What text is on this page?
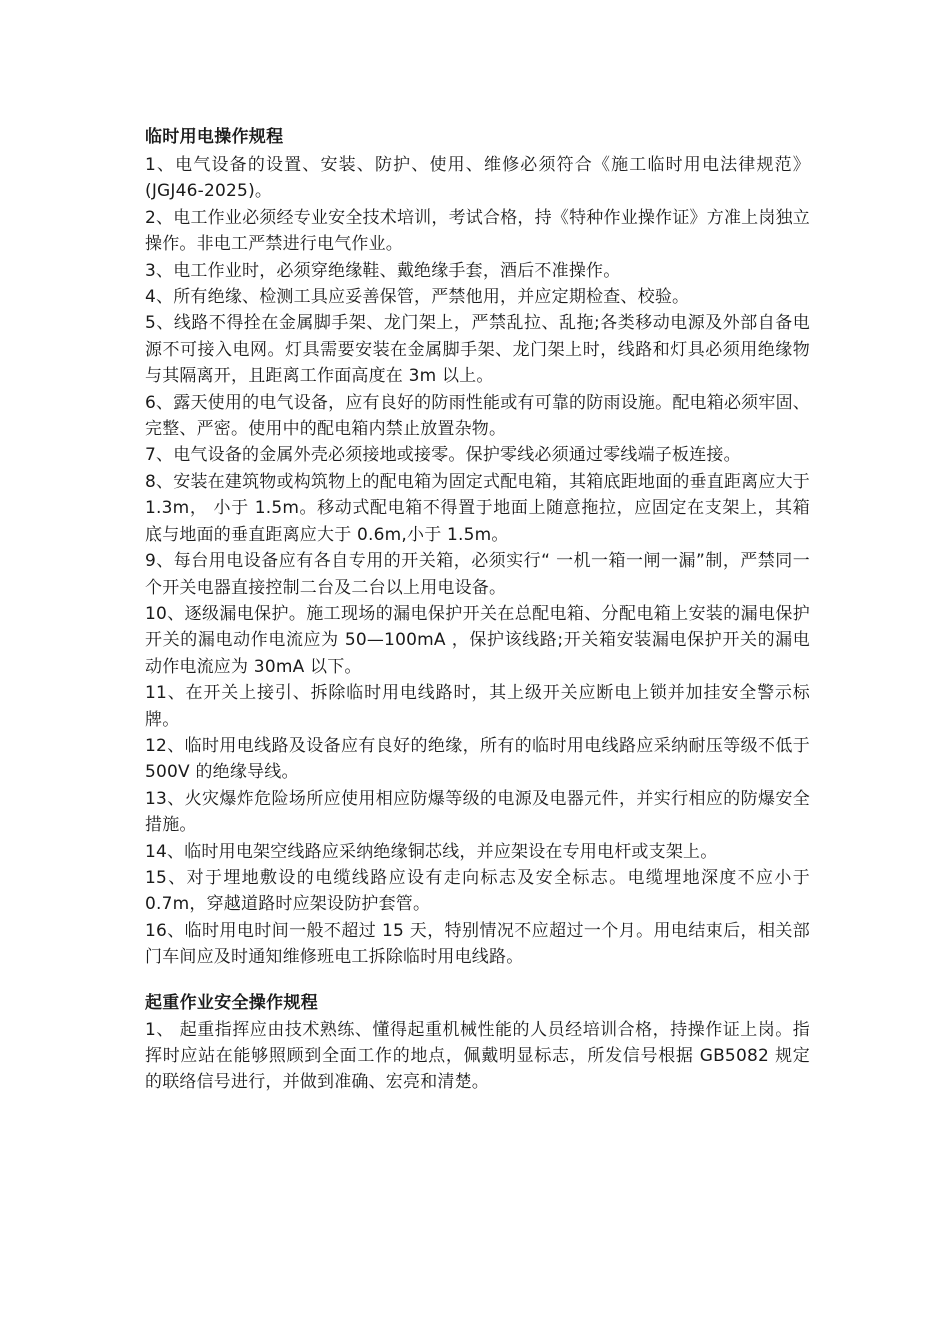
临时用电操作规程

1、电气设备的设置、安装、防护、使用、维修必须符合《施工临时用电法律规范》(JGJ46-2025)。

2、电工作业必须经专业安全技术培训，考试合格，持《特种作业操作证》方准上岗独立操作。非电工严禁进行电气作业。

3、电工作业时，必须穿绝缘鞋、戴绝缘手套，酒后不准操作。

4、所有绝缘、检测工具应妥善保管，严禁他用，并应定期检查、校验。

5、线路不得拴在金属脚手架、龙门架上，严禁乱拉、乱拖;各类移动电源及外部自备电源不可接入电网。灯具需要安装在金属脚手架、龙门架上时，线路和灯具必须用绝缘物与其隔离开，且距离工作面高度在 3m 以上。

6、露天使用的电气设备，应有良好的防雨性能或有可靠的防雨设施。配电箱必须牢固、完整、严密。使用中的配电箱内禁止放置杂物。

7、电气设备的金属外壳必须接地或接零。保护零线必须通过零线端子板连接。

8、安装在建筑物或构筑物上的配电箱为固定式配电箱，其箱底距地面的垂直距离应大于 1.3m， 小于 1.5m。移动式配电箱不得置于地面上随意拖拉，应固定在支架上，其箱底与地面的垂直距离应大于 0.6m,小于 1.5m。

9、每台用电设备应有各自专用的开关箱，必须实行“ 一机一箱一闸一漏”制，严禁同一个开关电器直接控制二台及二台以上用电设备。

10、逐级漏电保护。施工现场的漏电保护开关在总配电箱、分配电箱上安装的漏电保护开关的漏电动作电流应为 50—100mA ，保护该线路;开关箱安装漏电保护开关的漏电动作电流应为 30mA 以下。

11、在开关上接引、拆除临时用电线路时，其上级开关应断电上锁并加挂安全警示标牌。

12、临时用电线路及设备应有良好的绝缘，所有的临时用电线路应采纳耐压等级不低于 500V 的绝缘导线。

13、火灾爆炸危险场所应使用相应防爆等级的电源及电器元件，并实行相应的防爆安全措施。

14、临时用电架空线路应采纳绝缘铜芯线，并应架设在专用电杆或支架上。

15、对于埋地敷设的电缆线路应设有走向标志及安全标志。电缆埋地深度不应小于 0.7m，穿越道路时应架设防护套管。

16、临时用电时间一般不超过 15 天，特别情况不应超过一个月。用电结束后，相关部门车间应及时通知维修班电工拆除临时用电线路。

起重作业安全操作规程

1、 起重指挥应由技术熟练、懂得起重机械性能的人员经培训合格，持操作证上岗。指挥时应站在能够照顾到全面工作的地点，佩戴明显标志，所发信号根据 GB5082 规定的联络信号进行，并做到准确、宏亮和清楚。
